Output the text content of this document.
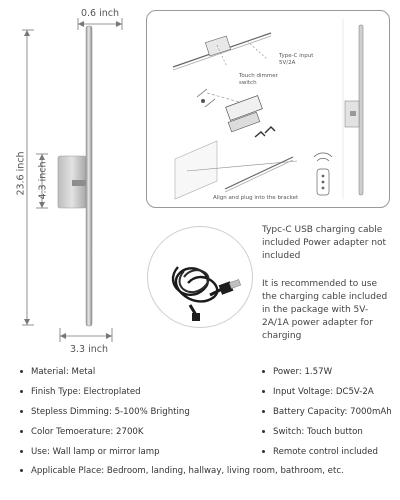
0.6 inch
23.6 inch 4.3 inch
3.3 inch
Touch dimmer switch
Type-C input 5V/2A
Align and plug into the bracket
Typc-C USB charging cable included Power adapter not included
It is recommended to use the charging cable included in the package with 5V-2A/1A power adapter for charging
Material: Metal
Finish Type: Electroplated
Stepless Dimming: 5-100% Brighting
Color Temoerature: 2700K
Use: Wall lamp or mirror lamp
Power: 1.57W
Input Voltage: DC5V-2A
Battery Capacity: 7000mAh
Switch: Touch button
Remote control included
Applicable Place: Bedroom, landing, hallway, living room, bathroom, etc.
